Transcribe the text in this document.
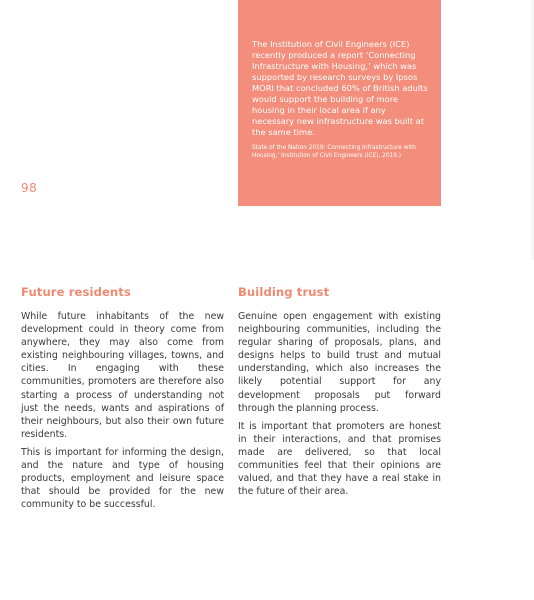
98

The Institution of Civil Engineers (ICE) recently produced a report ‘Connecting Infrastructure with Housing,’ which was supported by research surveys by Ipsos MORI that concluded 60% of British adults would support the building of more housing in their local area if any necessary new infrastructure was built at the same time.

State of the Nation 2019: Connecting Infrastructure with Housing,’ Institution of Civil Engineers (ICE), 2019.)

Future residents

While future inhabitants of the new development could in theory come from anywhere, they may also come from existing neighbouring villages, towns, and cities. In engaging with these communities, promoters are therefore also starting a process of understanding not just the needs, wants and aspirations of their neighbours, but also their own future residents.

This is important for informing the design, and the nature and type of housing products, employment and leisure space that should be provided for the new community to be successful.

Building trust

Genuine open engagement with existing neighbouring communities, including the regular sharing of proposals, plans, and designs helps to build trust and mutual understanding, which also increases the likely potential support for any development proposals put forward through the planning process.

It is important that promoters are honest in their interactions, and that promises made are delivered, so that local communities feel that their opinions are valued, and that they have a real stake in the future of their area.
